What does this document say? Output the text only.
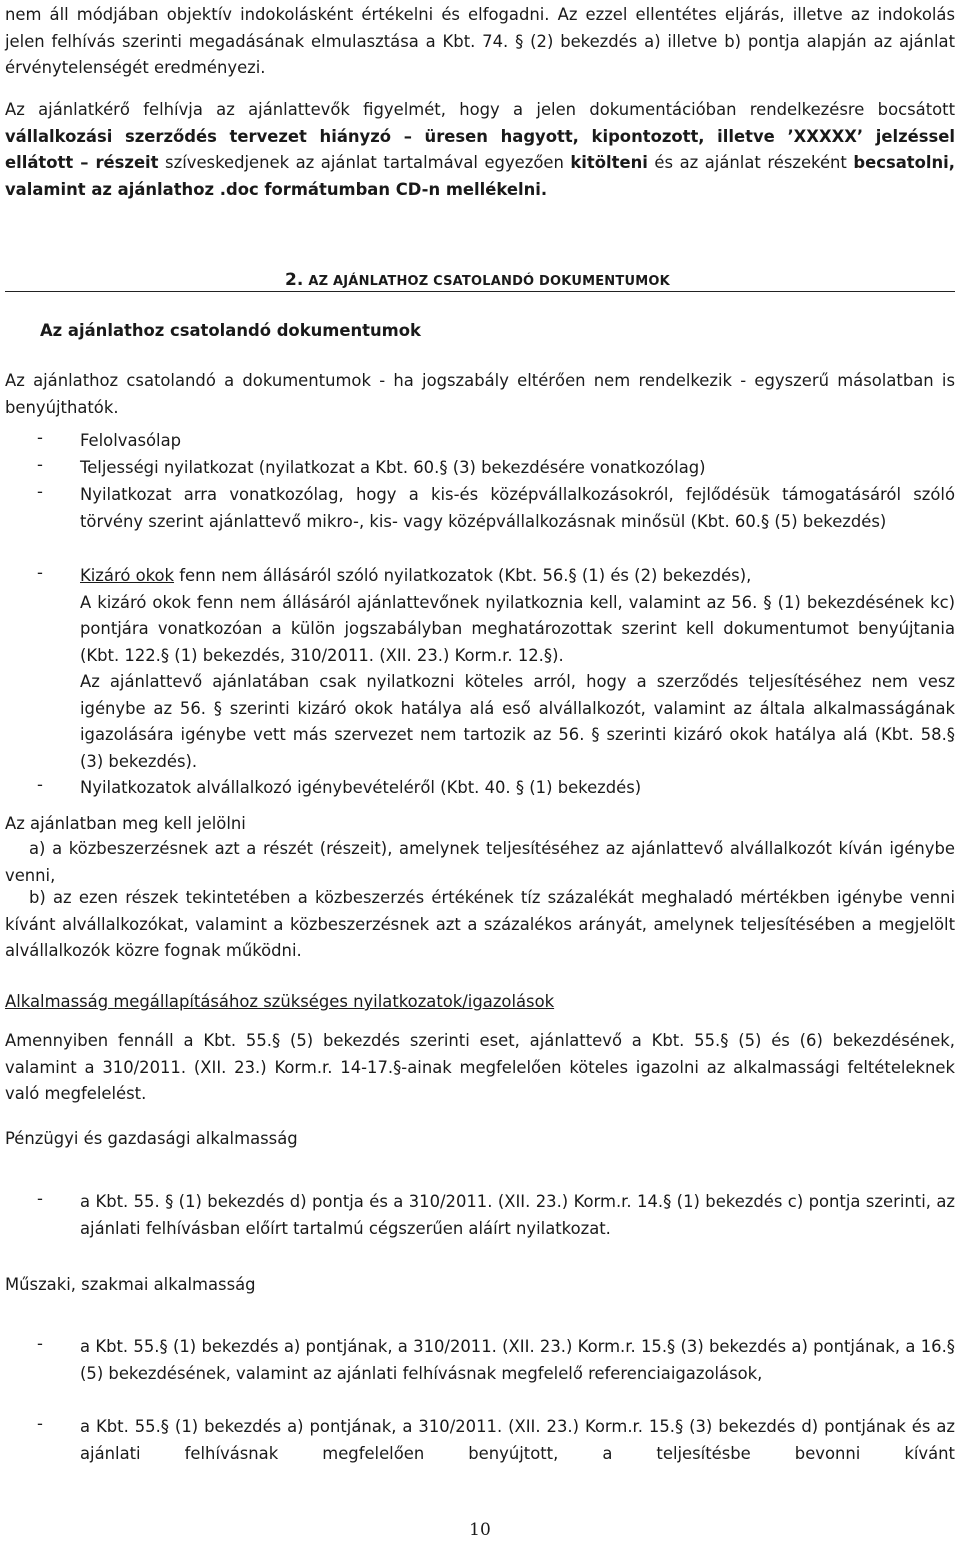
nem áll módjában objektív indokolásként értékelni és elfogadni. Az ezzel ellentétes eljárás, illetve az indokolás jelen felhívás szerinti megadásának elmulasztása a Kbt. 74. § (2) bekezdés a) illetve b) pontja alapján az ajánlat érvénytelenségét eredményezi.

Az ajánlatkérő felhívja az ajánlattevők figyelmét, hogy a jelen dokumentációban rendelkezésre bocsátott vállalkozási szerződés tervezet hiányzó – üresen hagyott, kipontozott, illetve ’XXXXX’ jelzéssel ellátott – részeit szíveskedjenek az ajánlat tartalmával egyezően kitölteni és az ajánlat részeként becsatolni, valamint az ajánlathoz .doc formátumban CD-n mellékelni.

2. AZ AJÁNLATHOZ CSATOLANDÓ DOKUMENTUMOK

Az ajánlathoz csatolandó dokumentumok

Az ajánlathoz csatolandó a dokumentumok - ha jogszabály eltérően nem rendelkezik - egyszerű másolatban is benyújthatók.

- Felolvasólap

- Teljességi nyilatkozat (nyilatkozat a Kbt. 60.§ (3) bekezdésére vonatkozólag)

- Nyilatkozat arra vonatkozólag, hogy a kis-és középvállalkozásokról, fejlődésük támogatásáról szóló törvény szerint ajánlattevő mikro-, kis- vagy középvállalkozásnak minősül (Kbt. 60.§ (5) bekezdés)

- Kizáró okok fenn nem állásáról szóló nyilatkozatok (Kbt. 56.§ (1) és (2) bekezdés),

A kizáró okok fenn nem állásáról ajánlattevőnek nyilatkoznia kell, valamint az 56. § (1) bekezdésének kc) pontjára vonatkozóan a külön jogszabályban meghatározottak szerint kell dokumentumot benyújtania (Kbt. 122.§ (1) bekezdés, 310/2011. (XII. 23.) Korm.r. 12.§).

Az ajánlattevő ajánlatában csak nyilatkozni köteles arról, hogy a szerződés teljesítéséhez nem vesz igénybe az 56. § szerinti kizáró okok hatálya alá eső alvállalkozót, valamint az általa alkalmasságának igazolására igénybe vett más szervezet nem tartozik az 56. § szerinti kizáró okok hatálya alá (Kbt. 58.§ (3) bekezdés).

- Nyilatkozatok alvállalkozó igénybevételéről (Kbt. 40. § (1) bekezdés)

Az ajánlatban meg kell jelölni

a) a közbeszerzésnek azt a részét (részeit), amelynek teljesítéséhez az ajánlattevő alvállalkozót kíván igénybe venni,

b) az ezen részek tekintetében a közbeszerzés értékének tíz százalékát meghaladó mértékben igénybe venni kívánt alvállalkozókat, valamint a közbeszerzésnek azt a százalékos arányát, amelynek teljesítésében a megjelölt alvállalkozók közre fognak működni.

Alkalmasság megállapításához szükséges nyilatkozatok/igazolások

Amennyiben fennáll a Kbt. 55.§ (5) bekezdés szerinti eset, ajánlattevő a Kbt. 55.§ (5) és (6) bekezdésének, valamint a 310/2011. (XII. 23.) Korm.r. 14-17.§-ainak megfelelően köteles igazolni az alkalmassági feltételeknek való megfelelést.

Pénzügyi és gazdasági alkalmasság

- a Kbt. 55. § (1) bekezdés d) pontja és a 310/2011. (XII. 23.) Korm.r. 14.§ (1) bekezdés c) pontja szerinti, az ajánlati felhívásban előírt tartalmú cégszerűen aláírt nyilatkozat.

Műszaki, szakmai alkalmasság

- a Kbt. 55.§ (1) bekezdés a) pontjának, a 310/2011. (XII. 23.) Korm.r. 15.§ (3) bekezdés a) pontjának, a 16.§ (5) bekezdésének, valamint az ajánlati felhívásnak megfelelő referenciaigazolások,

- a Kbt. 55.§ (1) bekezdés a) pontjának, a 310/2011. (XII. 23.) Korm.r. 15.§ (3) bekezdés d) pontjának és az ajánlati felhívásnak megfelelően benyújtott, a teljesítésbe bevonni kívánt

10
